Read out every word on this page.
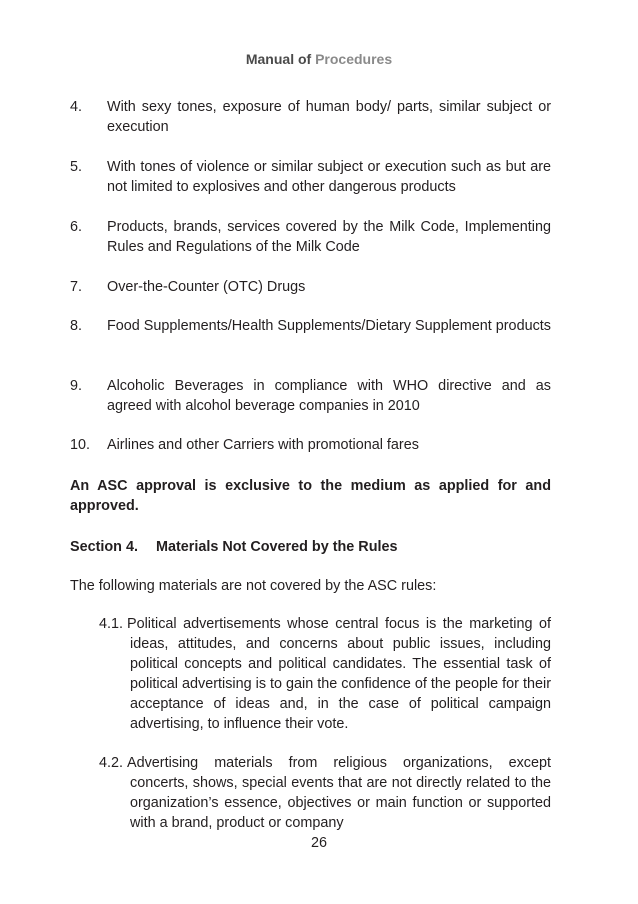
Manual of Procedures
4. With sexy tones, exposure of human body/ parts, similar subject or execution
5. With tones of violence or similar subject or execution such as but are not limited to explosives and other dangerous products
6. Products, brands, services covered by the Milk Code, Implementing Rules and Regulations of the Milk Code
7. Over-the-Counter (OTC) Drugs
8. Food Supplements/Health Supplements/Dietary Supplement products
9. Alcoholic Beverages in compliance with WHO directive and as agreed with alcohol beverage companies in 2010
10. Airlines and other Carriers with promotional fares
An ASC approval is exclusive to the medium as applied for and approved.
Section 4. Materials Not Covered by the Rules
The following materials are not covered by the ASC rules:
4.1. Political advertisements whose central focus is the marketing of ideas, attitudes, and concerns about public issues, including political concepts and political candidates. The essential task of political advertising is to gain the confidence of the people for their acceptance of ideas and, in the case of political campaign advertising, to influence their vote.
4.2. Advertising materials from religious organizations, except concerts, shows, special events that are not directly related to the organization’s essence, objectives or main function or supported with a brand, product or company
26
